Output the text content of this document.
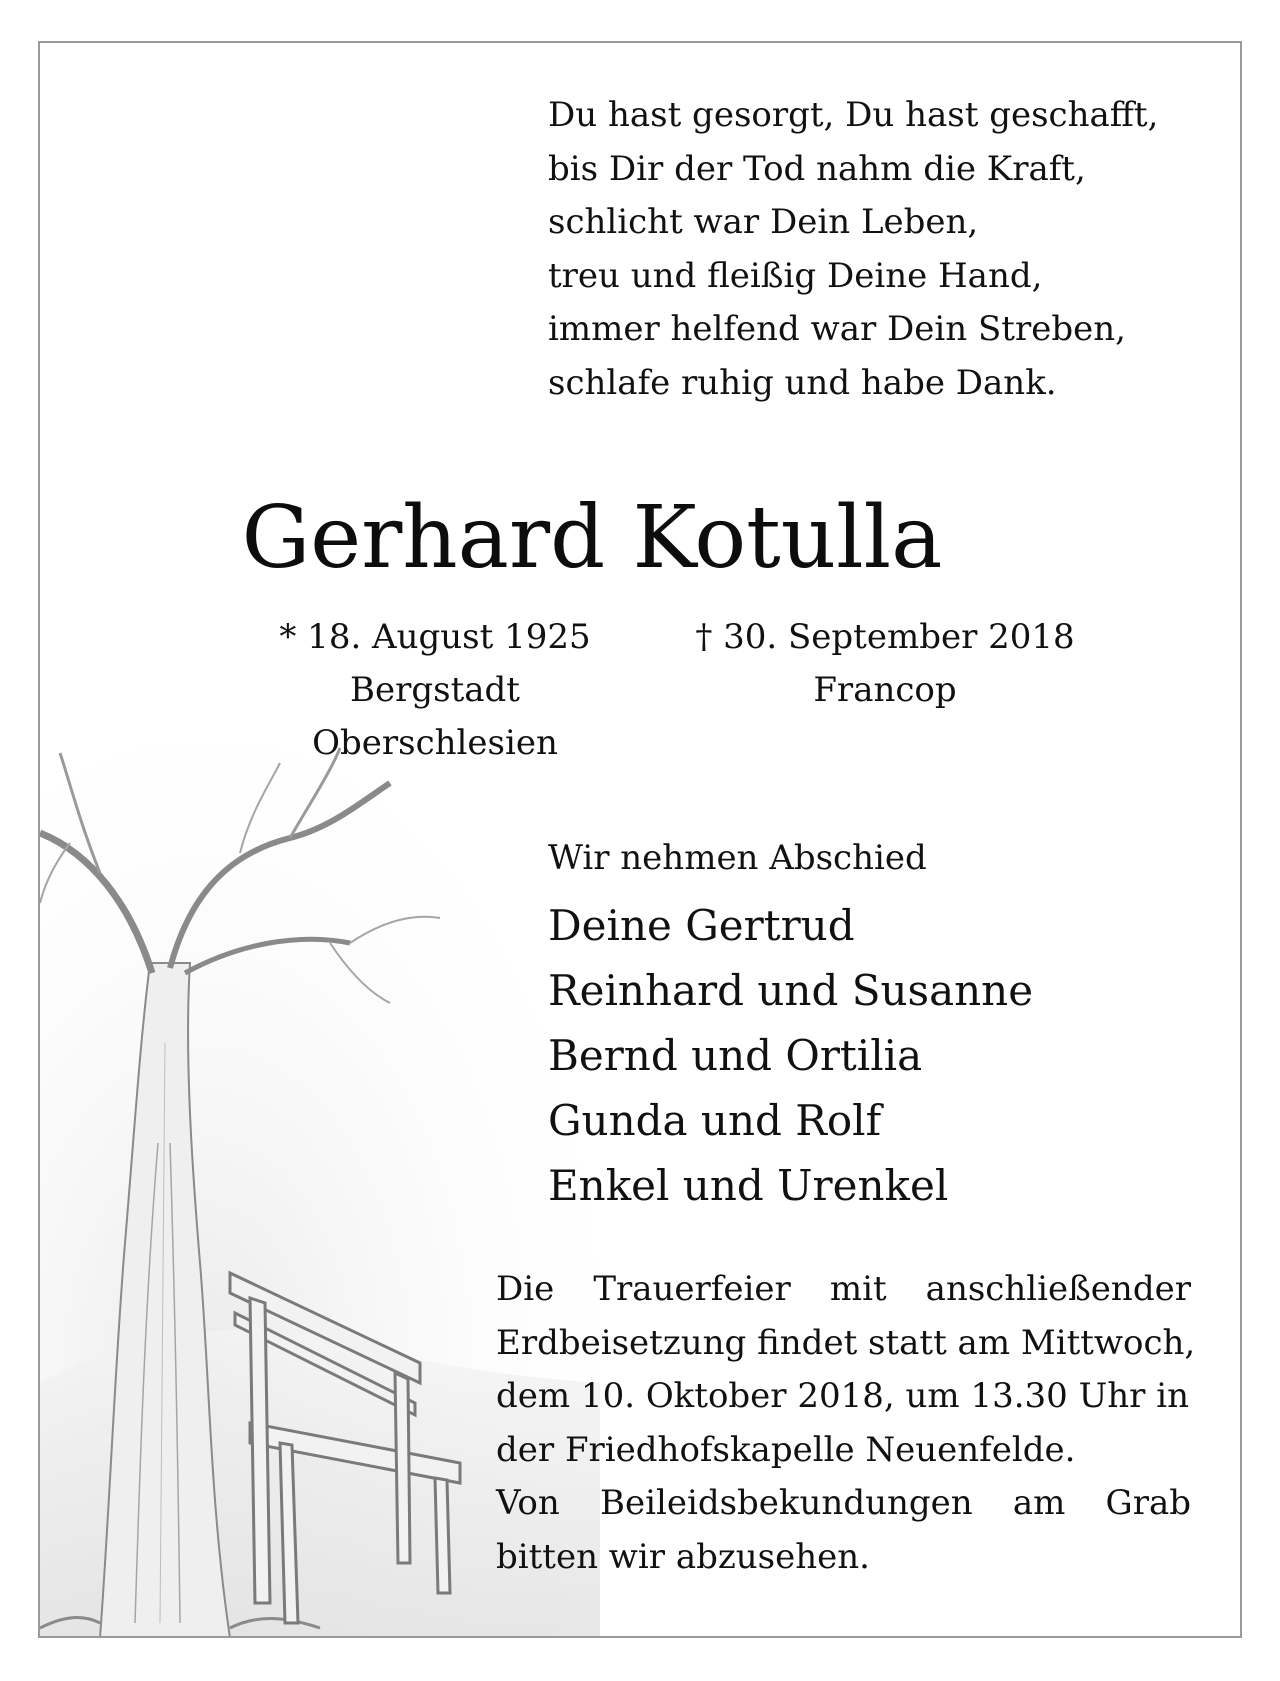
Du hast gesorgt, Du hast geschafft,
bis Dir der Tod nahm die Kraft,
schlicht war Dein Leben,
treu und fleißig Deine Hand,
immer helfend war Dein Streben,
schlafe ruhig und habe Dank.
Gerhard Kotulla
* 18. August 1925
Bergstadt
Oberschlesien
† 30. September 2018
Francop
Wir nehmen Abschied
Deine Gertrud
Reinhard und Susanne
Bernd und Ortilia
Gunda und Rolf
Enkel und Urenkel
Die Trauerfeier mit anschließender
Erdbeisetzung findet statt am Mittwoch,
dem 10. Oktober 2018, um 13.30 Uhr in
der Friedhofskapelle Neuenfelde.
Von Beileidsbekundungen am Grab
bitten wir abzusehen.
